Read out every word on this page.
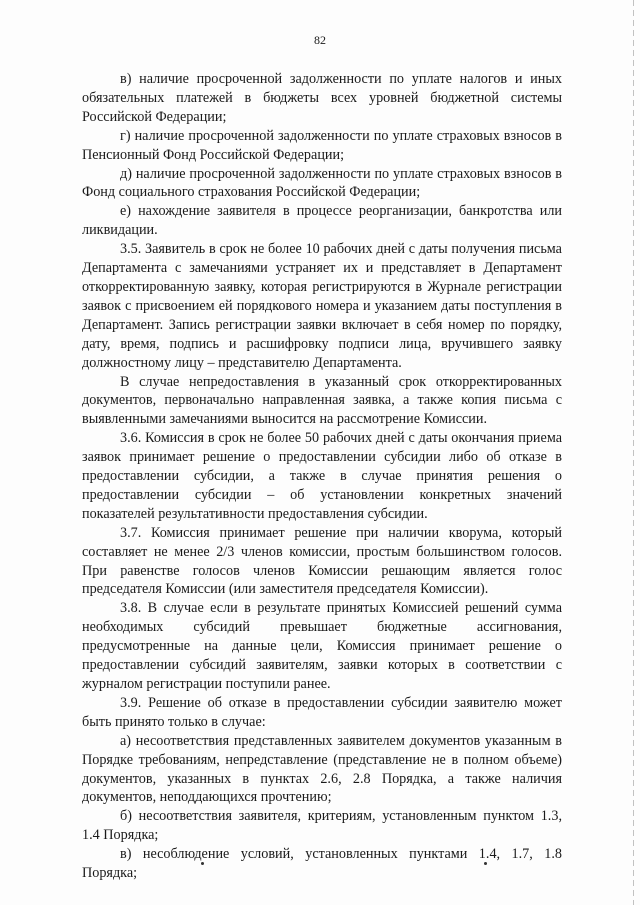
82

в) наличие просроченной задолженности по уплате налогов и иных обязательных платежей в бюджеты всех уровней бюджетной системы Российской Федерации;

г) наличие просроченной задолженности по уплате страховых взносов в Пенсионный Фонд Российской Федерации;

д) наличие просроченной задолженности по уплате страховых взносов в Фонд социального страхования Российской Федерации;

е) нахождение заявителя в процессе реорганизации, банкротства или ликвидации.

3.5. Заявитель в срок не более 10 рабочих дней с даты получения письма Департамента с замечаниями устраняет их и представляет в Департамент откорректированную заявку, которая регистрируются в Журнале регистрации заявок с присвоением ей порядкового номера и указанием даты поступления в Департамент. Запись регистрации заявки включает в себя номер по порядку, дату, время, подпись и расшифровку подписи лица, вручившего заявку должностному лицу – представителю Департамента.

В случае непредоставления в указанный срок откорректированных документов, первоначально направленная заявка, а также копия письма с выявленными замечаниями выносится на рассмотрение Комиссии.

3.6. Комиссия в срок не более 50 рабочих дней с даты окончания приема заявок принимает решение о предоставлении субсидии либо об отказе в предоставлении субсидии, а также в случае принятия решения о предоставлении субсидии – об установлении конкретных значений показателей результативности предоставления субсидии.

3.7. Комиссия принимает решение при наличии кворума, который составляет не менее 2/3 членов комиссии, простым большинством голосов. При равенстве голосов членов Комиссии решающим является голос председателя Комиссии (или заместителя председателя Комиссии).

3.8. В случае если в результате принятых Комиссией решений сумма необходимых субсидий превышает бюджетные ассигнования, предусмотренные на данные цели, Комиссия принимает решение о предоставлении субсидий заявителям, заявки которых в соответствии с журналом регистрации поступили ранее.

3.9. Решение об отказе в предоставлении субсидии заявителю может быть принято только в случае:

а) несоответствия представленных заявителем документов указанным в Порядке требованиям, непредставление (представление не в полном объеме) документов, указанных в пунктах 2.6, 2.8 Порядка, а также наличия документов, неподдающихся прочтению;

б) несоответствия заявителя, критериям, установленным пунктом 1.3, 1.4 Порядка;

в) несоблюдение условий, установленных пунктами 1.4, 1.7, 1.8 Порядка;
